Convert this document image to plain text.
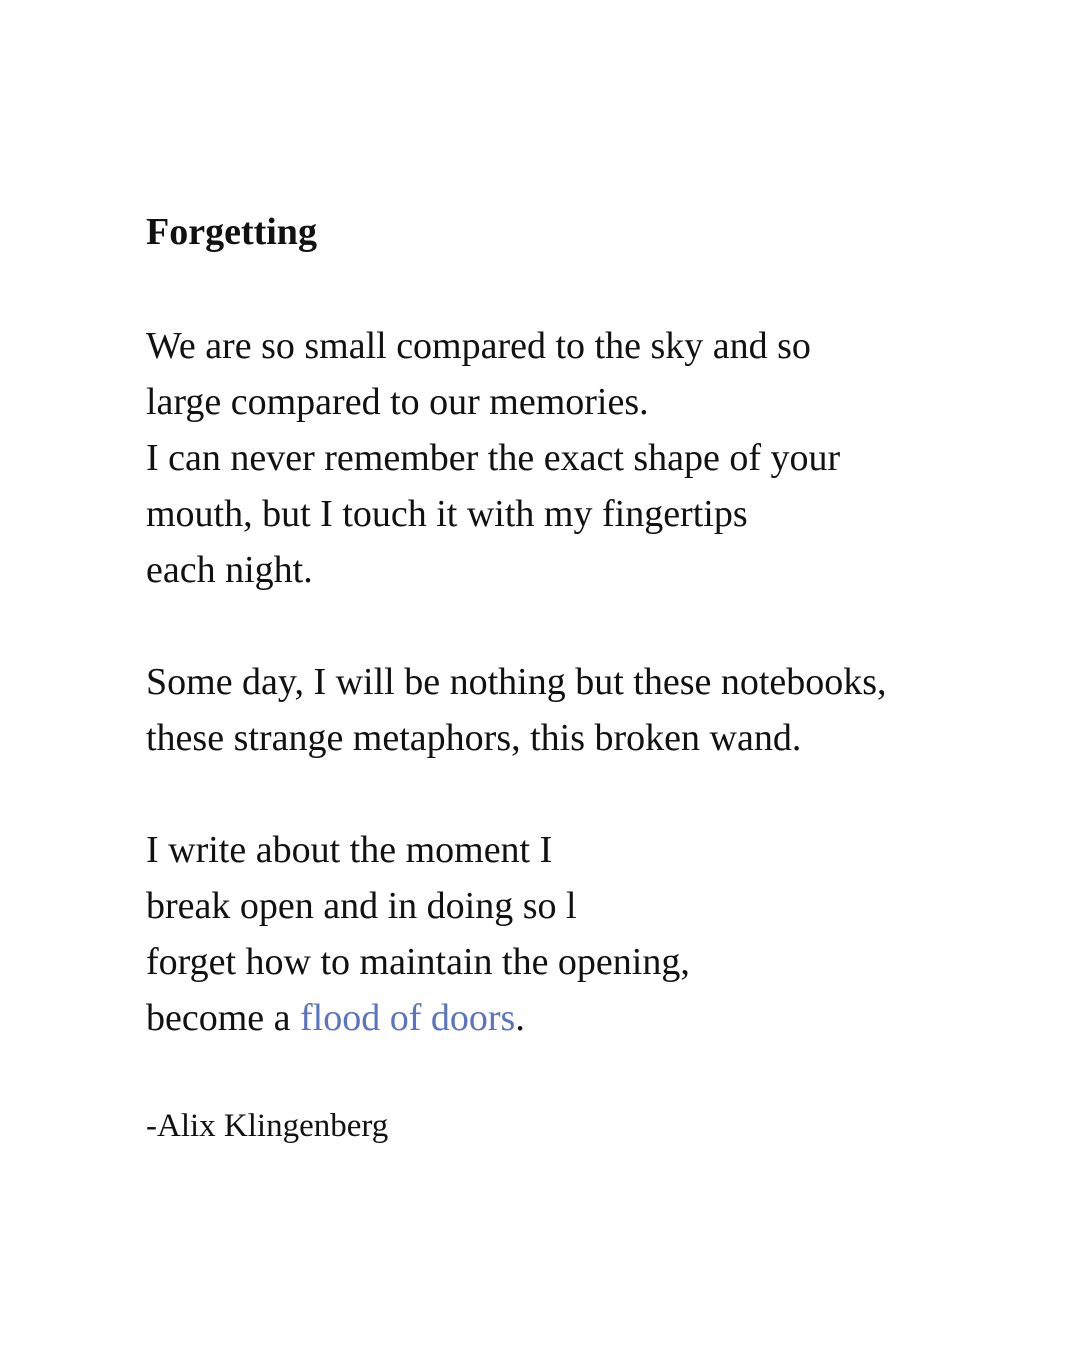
Forgetting
We are so small compared to the sky and so
large compared to our memories.
I can never remember the exact shape of your
mouth, but I touch it with my fingertips
each night.
Some day, I will be nothing but these notebooks,
these strange metaphors, this broken wand.
I write about the moment I
break open and in doing so l
forget how to maintain the opening,
become a flood of doors.
-Alix Klingenberg
